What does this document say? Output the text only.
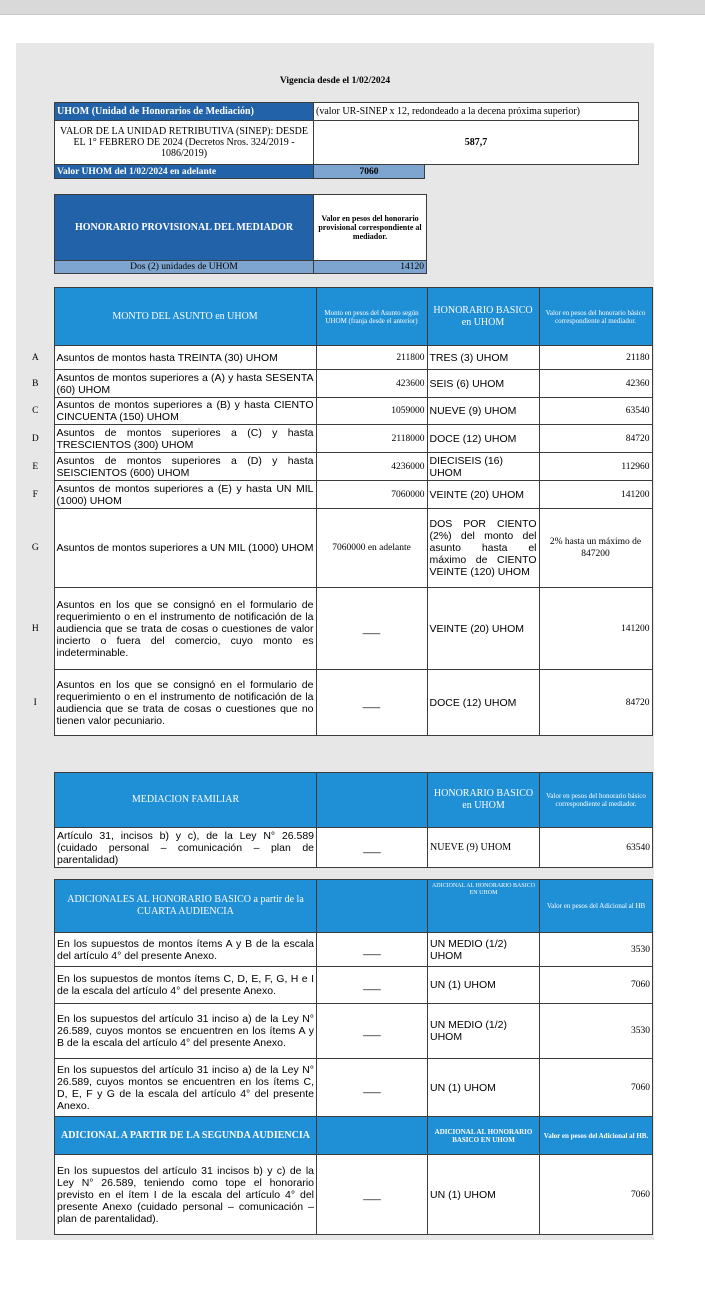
Vigencia desde el 1/02/2024
UHOM (Unidad de Honorarios de Mediación)	(valor UR-SINEP x 12, redondeado a la decena próxima superior)
VALOR DE LA UNIDAD RETRIBUTIVA (SINEP): DESDE EL 1° FEBRERO DE 2024 (Decretos Nros. 324/2019 - 1086/2019)	587,7
Valor UHOM del 1/02/2024 en adelante	7060
HONORARIO PROVISIONAL DEL MEDIADOR	Valor en pesos del honorario provisional correspondiente al mediador.
Dos (2) unidades de UHOM	14120
	MONTO DEL ASUNTO en UHOM	Monto en pesos del Asunto según UHOM (franja desde el anterior)	HONORARIO BASICO en UHOM	Valor en pesos del honorario básico correspondiente al mediador.
A	Asuntos de montos hasta TREINTA (30) UHOM	211800	TRES (3) UHOM	21180
B	Asuntos de montos superiores a (A) y hasta SESENTA (60) UHOM	423600	SEIS (6) UHOM	42360
C	Asuntos de montos superiores a (B) y hasta CIENTO CINCUENTA (150) UHOM	1059000	NUEVE (9) UHOM	63540
D	Asuntos de montos superiores a (C) y hasta TRESCIENTOS (300) UHOM	2118000	DOCE (12) UHOM	84720
E	Asuntos de montos superiores a (D) y hasta SEISCIENTOS (600) UHOM	4236000	DIECISEIS (16) UHOM	112960
F	Asuntos de montos superiores a (E) y hasta UN MIL (1000) UHOM	7060000	VEINTE (20) UHOM	141200
G	Asuntos de montos superiores a UN MIL (1000) UHOM	7060000 en adelante	DOS POR CIENTO (2%) del monto del asunto hasta el máximo de CIENTO VEINTE (120) UHOM	2% hasta un máximo de 847200
H	Asuntos en los que se consignó en el formulario de requerimiento o en el instrumento de notificación de la audiencia que se trata de cosas o cuestiones de valor incierto o fuera del comercio, cuyo monto es indeterminable.	___	VEINTE (20) UHOM	141200
I	Asuntos en los que se consignó en el formulario de requerimiento o en el instrumento de notificación de la audiencia que se trata de cosas o cuestiones que no tienen valor pecuniario.	___	DOCE (12) UHOM	84720
MEDIACION FAMILIAR		HONORARIO BASICO en UHOM	Valor en pesos del honorario básico correspondiente al mediador.
Artículo 31, incisos b) y c), de la Ley N° 26.589 (cuidado personal – comunicación – plan de parentalidad)	___	NUEVE (9) UHOM	63540
ADICIONALES AL HONORARIO BASICO a partir de la CUARTA AUDIENCIA		ADICIONAL AL HONORARIO BASICO EN UHOM	Valor en pesos del Adicional al HB
En los supuestos de montos ítems A y B de la escala del artículo 4° del presente Anexo.	___	UN MEDIO (1/2) UHOM	3530
En los supuestos de montos ítems C, D, E, F, G, H e I de la escala del artículo 4° del presente Anexo.	___	UN (1) UHOM	7060
En los supuestos del artículo 31 inciso a) de la Ley N° 26.589, cuyos montos se encuentren en los ítems A y B de la escala del artículo 4° del presente Anexo.	___	UN MEDIO (1/2) UHOM	3530
En los supuestos del artículo 31 inciso a) de la Ley N° 26.589, cuyos montos se encuentren en los ítems C, D, E, F y G de la escala del artículo 4° del presente Anexo.	___	UN (1) UHOM	7060
ADICIONAL A PARTIR DE LA SEGUNDA AUDIENCIA		ADICIONAL AL HONORARIO BASICO EN UHOM	Valor en pesos del Adicional al HB.
En los supuestos del artículo 31 incisos b) y c) de la Ley N° 26.589, teniendo como tope el honorario previsto en el ítem I de la escala del artículo 4° del presente Anexo (cuidado personal – comunicación – plan de parentalidad).	___	UN (1) UHOM	7060
